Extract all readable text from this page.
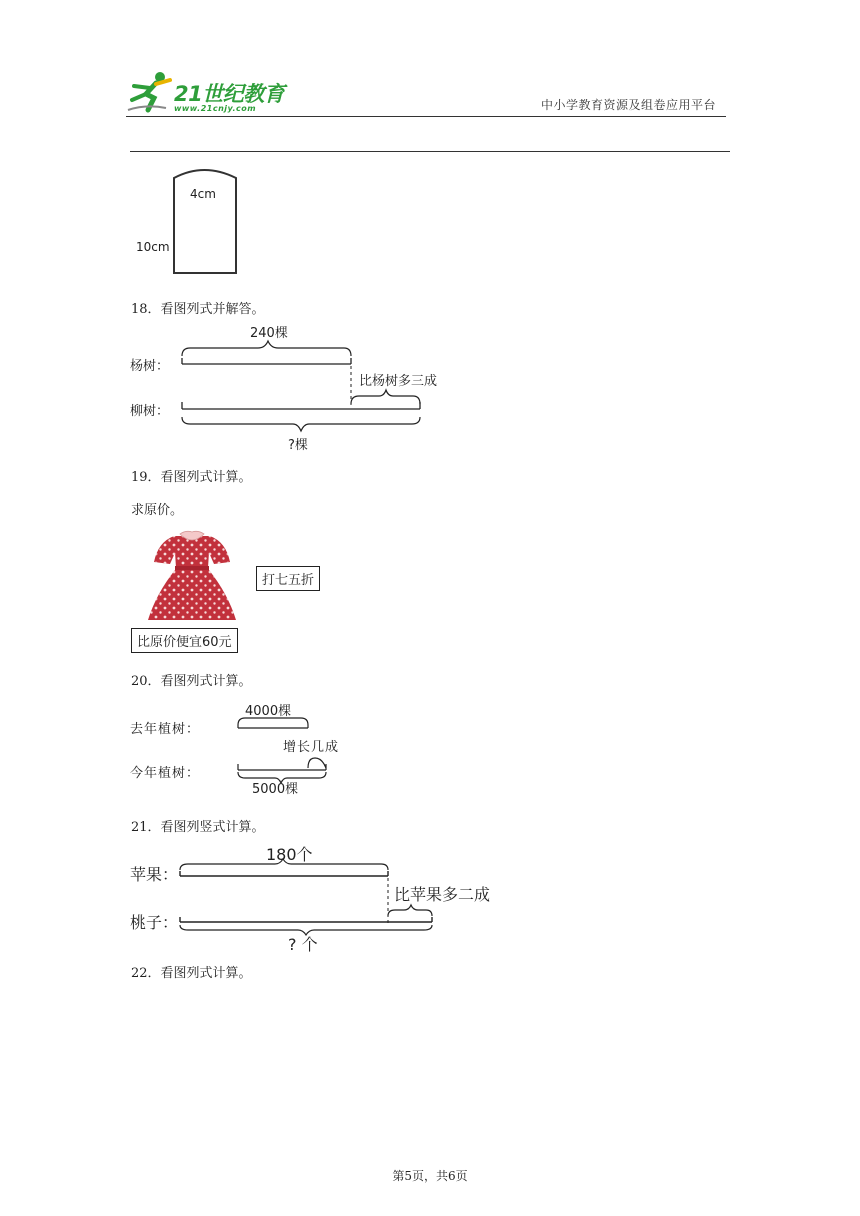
21世纪教育
www.21cnjy.com	中小学教育资源及组卷应用平台
4cm
10cm
18．看图列式并解答。
240棵
杨树：
比杨树多三成
柳树：
?棵
19．看图列式计算。
求原价。
打七五折
比原价便宜60元
20．看图列式计算。
4000棵
去年植树：
增长几成
今年植树：
5000棵
21．看图列竖式计算。
180个
苹果：
比苹果多二成
桃子：
? 个
22．看图列式计算。
第5页，共6页
